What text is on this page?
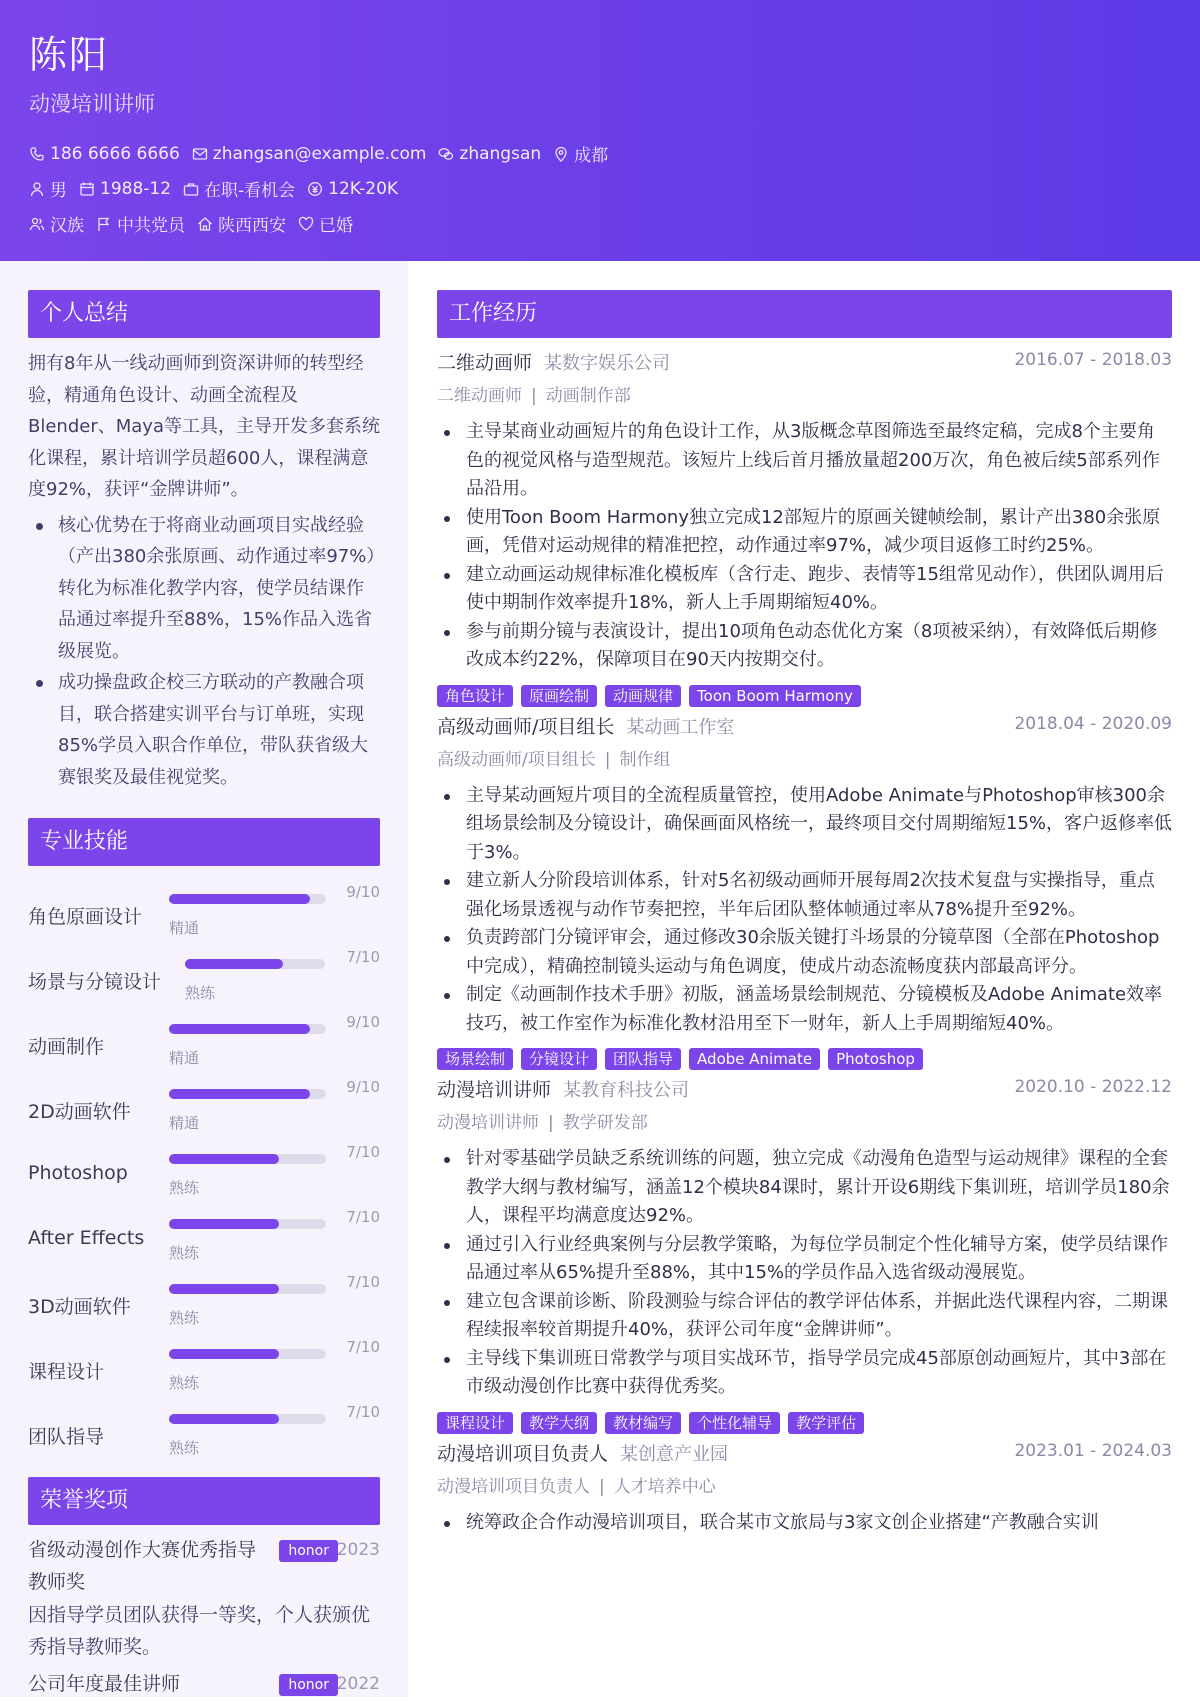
陈阳
动漫培训讲师
186 6666 6666 zhangsan@example.com zhangsan 成都
男 1988-12 在职-看机会 12K-20K
汉族 中共党员 陕西西安 已婚
个人总结
拥有8年从一线动画师到资深讲师的转型经验，精通角色设计、动画全流程及Blender、Maya等工具，主导开发多套系统化课程，累计培训学员超600人，课程满意度92%，获评“金牌讲师”。
核心优势在于将商业动画项目实战经验（产出380余张原画、动作通过率97%）转化为标准化教学内容，使学员结课作品通过率提升至88%，15%作品入选省级展览。
成功操盘政企校三方联动的产教融合项目，联合搭建实训平台与订单班，实现85%学员入职合作单位，带队获省级大赛银奖及最佳视觉奖。
专业技能
角色原画设计 精通
9/10
场景与分镜设计 熟练
7/10
动画制作	精通
9/10
2D动画软件	精通
9/10
Photoshop
熟练
7/10
After Effects
熟练
7/10
3D动画软件	熟练
7/10
课程设计	熟练
7/10
团队指导	熟练
7/10
荣誉奖项
省级动漫创作大赛优秀指导教师奖
honor 2023
因指导学员团队获得一等奖，个人获颁优秀指导教师奖。
公司年度最佳讲师	honor 2022
工作经历
二维动画师 某数字娱乐公司	2016.07 - 2018.03
二维动画师 | 动画制作部
主导某商业动画短片的角色设计工作，从3版概念草图筛选至最终定稿，完成8个主要角色的视觉风格与造型规范。该短片上线后首月播放量超200万次，角色被后续5部系列作品沿用。
使用Toon Boom Harmony独立完成12部短片的原画关键帧绘制，累计产出380余张原画，凭借对运动规律的精准把控，动作通过率97%，减少项目返修工时约25%。
建立动画运动规律标准化模板库（含行走、跑步、表情等15组常见动作），供团队调用后使中期制作效率提升18%，新人上手周期缩短40%。
参与前期分镜与表演设计，提出10项角色动态优化方案（8项被采纳），有效降低后期修改成本约22%，保障项目在90天内按期交付。
角色设计	原画绘制	动画规律	Toon Boom Harmony
高级动画师/项目组长 某动画工作室	2018.04 - 2020.09
高级动画师/项目组长 | 制作组
主导某动画短片项目的全流程质量管控，使用Adobe Animate与Photoshop审核300余组场景绘制及分镜设计，确保画面风格统一，最终项目交付周期缩短15%，客户返修率低于3%。
建立新人分阶段培训体系，针对5名初级动画师开展每周2次技术复盘与实操指导，重点强化场景透视与动作节奏把控，半年后团队整体帧通过率从78%提升至92%。
负责跨部门分镜评审会，通过修改30余版关键打斗场景的分镜草图（全部在Photoshop中完成），精确控制镜头运动与角色调度，使成片动态流畅度获内部最高评分。
制定《动画制作技术手册》初版，涵盖场景绘制规范、分镜模板及Adobe Animate效率技巧，被工作室作为标准化教材沿用至下一财年，新人上手周期缩短40%。
场景绘制	分镜设计	团队指导	Adobe Animate	Photoshop
动漫培训讲师 某教育科技公司	2020.10 - 2022.12
动漫培训讲师 | 教学研发部
针对零基础学员缺乏系统训练的问题，独立完成《动漫角色造型与运动规律》课程的全套教学大纲与教材编写，涵盖12个模块84课时，累计开设6期线下集训班，培训学员180余人，课程平均满意度达92%。
通过引入行业经典案例与分层教学策略，为每位学员制定个性化辅导方案，使学员结课作品通过率从65%提升至88%，其中15%的学员作品入选省级动漫展览。
建立包含课前诊断、阶段测验与综合评估的教学评估体系，并据此迭代课程内容，二期课程续报率较首期提升40%，获评公司年度“金牌讲师”。
主导线下集训班日常教学与项目实战环节，指导学员完成45部原创动画短片，其中3部在市级动漫创作比赛中获得优秀奖。
课程设计	教学大纲	教材编写	个性化辅导	教学评估
动漫培训项目负责人 某创意产业园	2023.01 - 2024.03
动漫培训项目负责人 | 人才培养中心
统筹政企合作动漫培训项目，联合某市文旅局与3家文创企业搭建“产教融合实训
